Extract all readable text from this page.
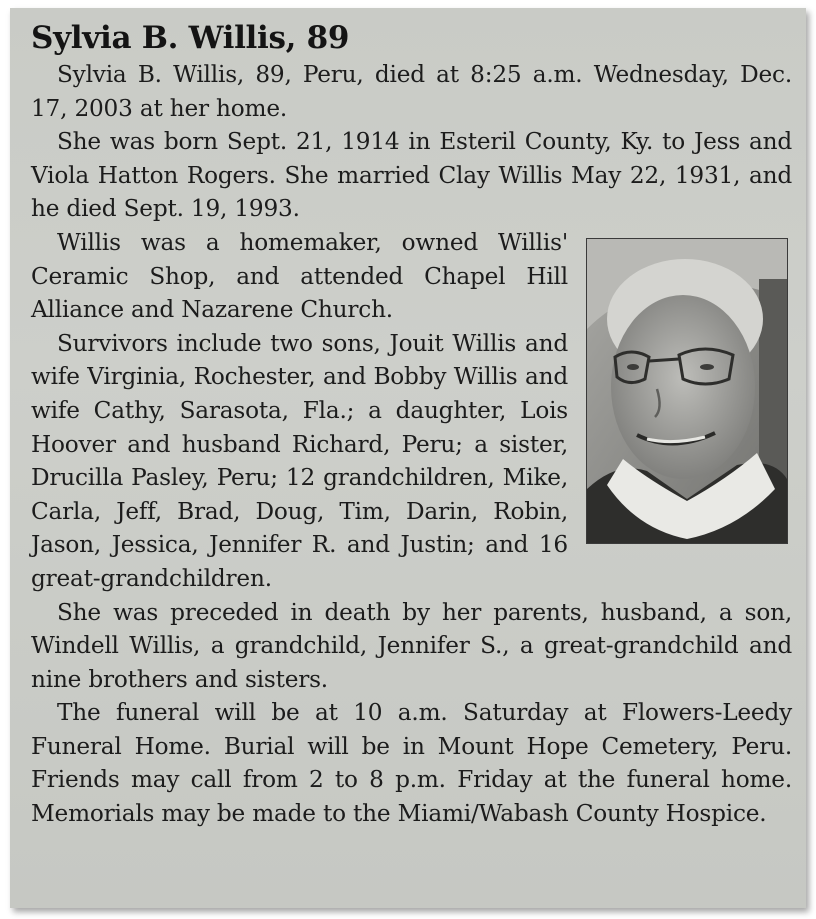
Sylvia B. Willis, 89

Sylvia B. Willis, 89, Peru, died at 8:25 a.m. Wednesday, Dec. 17, 2003 at her home.

She was born Sept. 21, 1914 in Esteril County, Ky. to Jess and Viola Hatton Rogers. She married Clay Willis May 22, 1931, and he died Sept. 19, 1993.

Willis was a homemaker, owned Willis' Ceramic Shop, and attended Chapel Hill Alliance and Nazarene Church.

Survivors include two sons, Jouit Willis and wife Virginia, Rochester, and Bobby Willis and wife Cathy, Sarasota, Fla.; a daughter, Lois Hoover and husband Richard, Peru; a sister, Drucilla Pasley, Peru; 12 grandchildren, Mike, Carla, Jeff, Brad, Doug, Tim, Darin, Robin, Jason, Jessica, Jennifer R. and Justin; and 16 great-grandchildren.

She was preceded in death by her parents, husband, a son, Windell Willis, a grandchild, Jennifer S., a great-grandchild and nine brothers and sisters.

The funeral will be at 10 a.m. Saturday at Flowers-Leedy Funeral Home. Burial will be in Mount Hope Cemetery, Peru. Friends may call from 2 to 8 p.m. Friday at the funeral home. Memorials may be made to the Miami/Wabash County Hospice.
